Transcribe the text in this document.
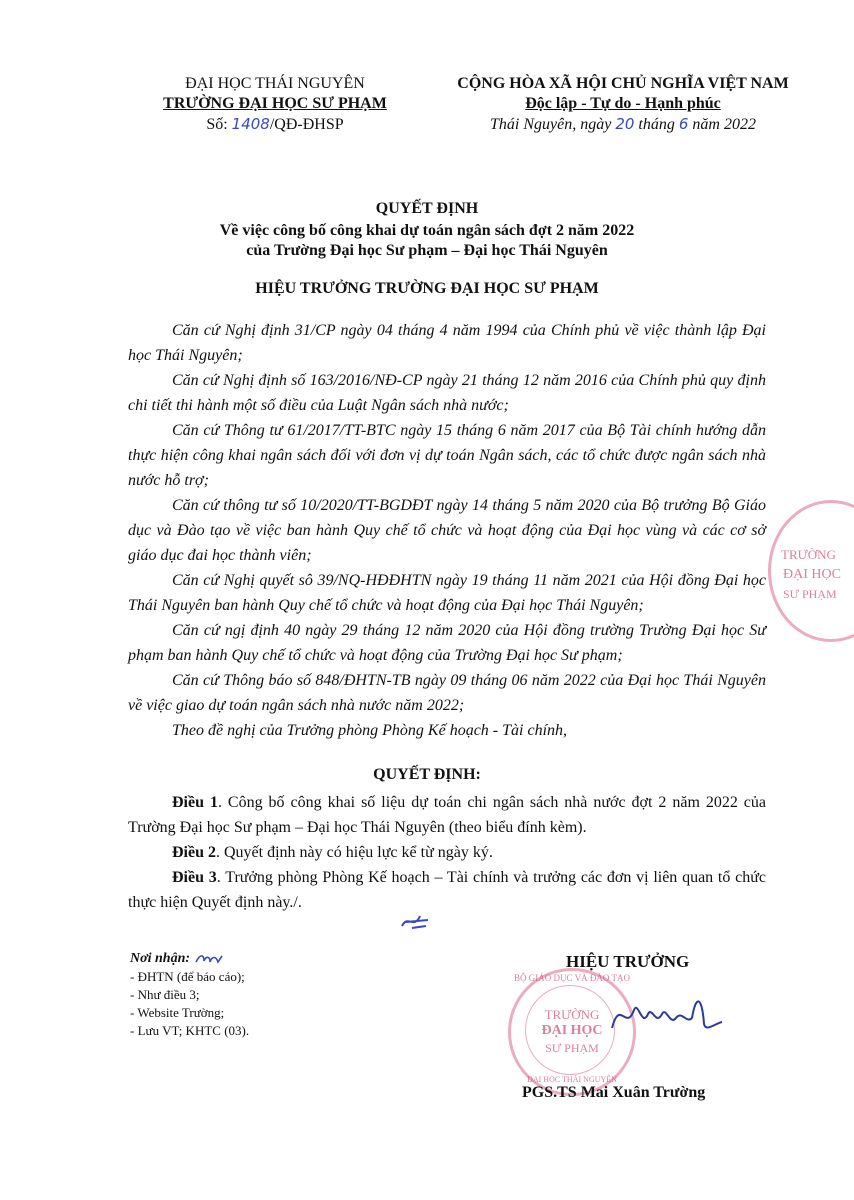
ĐẠI HỌC THÁI NGUYÊN
TRƯỜNG ĐẠI HỌC SƯ PHẠM
Số: 1408/QĐ-ĐHSP
CỘNG HÒA XÃ HỘI CHỦ NGHĨA VIỆT NAM
Độc lập - Tự do - Hạnh phúc
Thái Nguyên, ngày 20 tháng 6 năm 2022
QUYẾT ĐỊNH
Về việc công bố công khai dự toán ngân sách đợt 2 năm 2022
của Trường Đại học Sư phạm – Đại học Thái Nguyên
HIỆU TRƯỞNG TRƯỜNG ĐẠI HỌC SƯ PHẠM
Căn cứ Nghị định 31/CP ngày 04 tháng 4 năm 1994 của Chính phủ về việc thành lập Đại học Thái Nguyên;
Căn cứ Nghị định số 163/2016/NĐ-CP ngày 21 tháng 12 năm 2016 của Chính phủ quy định chi tiết thi hành một số điều của Luật Ngân sách nhà nước;
Căn cứ Thông tư 61/2017/TT-BTC ngày 15 tháng 6 năm 2017 của Bộ Tài chính hướng dẫn thực hiện công khai ngân sách đối với đơn vị dự toán Ngân sách, các tổ chức được ngân sách nhà nước hỗ trợ;
Căn cứ thông tư số 10/2020/TT-BGDĐT ngày 14 tháng 5 năm 2020 của Bộ trưởng Bộ Giáo dục và Đào tạo về việc ban hành Quy chế tổ chức và hoạt động của Đại học vùng và các cơ sở giáo dục đai học thành viên;
Căn cứ Nghị quyết sô 39/NQ-HĐĐHTN ngày 19 tháng 11 năm 2021 của Hội đồng Đại học Thái Nguyên ban hành Quy chế tổ chức và hoạt động của Đại học Thái Nguyên;
Căn cứ ngị định 40 ngày 29 tháng 12 năm 2020 của Hội đồng trường Trường Đại học Sư phạm ban hành Quy chế tổ chức và hoạt động của Trường Đại học Sư phạm;
Căn cứ Thông báo số 848/ĐHTN-TB ngày 09 tháng 06 năm 2022 của Đại học Thái Nguyên về việc giao dự toán ngân sách nhà nước năm 2022;
Theo đề nghị của Trưởng phòng Phòng Kế hoạch - Tài chính,
QUYẾT ĐỊNH:
Điều 1. Công bố công khai số liệu dự toán chi ngân sách nhà nước đợt 2 năm 2022 của Trường Đại học Sư phạm – Đại học Thái Nguyên (theo biểu đính kèm).
Điều 2. Quyết định này có hiệu lực kể từ ngày ký.
Điều 3. Trưởng phòng Phòng Kế hoạch – Tài chính và trưởng các đơn vị liên quan tổ chức thực hiện Quyết định này./.
Nơi nhận:
- ĐHTN (để báo cáo);
- Như điều 3;
- Website Trường;
- Lưu VT; KHTC (03).
HIỆU TRƯỞNG
BỘ GIÁO DỤC VÀ ĐÀO TẠO
TRƯỜNG
ĐẠI HỌC
SƯ PHẠM
ĐẠI HỌC THÁI NGUYÊN
PGS.TS Mai Xuân Trường
TRƯỜNG
ĐẠI HỌC
SƯ PHẠM
